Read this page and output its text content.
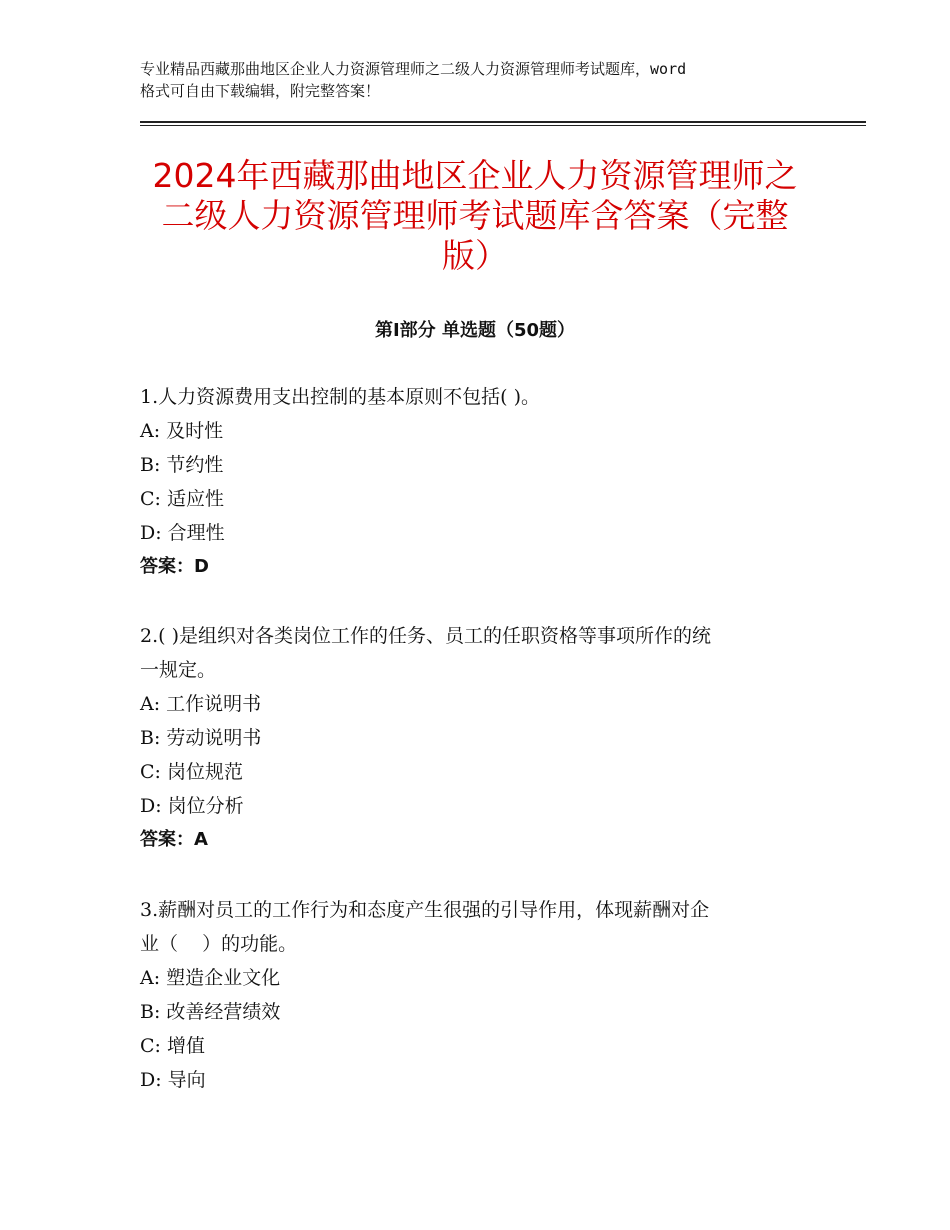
专业精品西藏那曲地区企业人力资源管理师之二级人力资源管理师考试题库，word
格式可自由下载编辑，附完整答案！
2024年西藏那曲地区企业人力资源管理师之
二级人力资源管理师考试题库含答案（完整
版）
第Ⅰ部分 单选题（50题）
1.人力资源费用支出控制的基本原则不包括( )。
A: 及时性
B: 节约性
C: 适应性
D: 合理性
答案：D
2.( )是组织对各类岗位工作的任务、员工的任职资格等事项所作的统
一规定。
A: 工作说明书
B: 劳动说明书
C: 岗位规范
D: 岗位分析
答案：A
3.薪酬对员工的工作行为和态度产生很强的引导作用，体现薪酬对企
业（    ）的功能。
A: 塑造企业文化
B: 改善经营绩效
C: 增值
D: 导向
